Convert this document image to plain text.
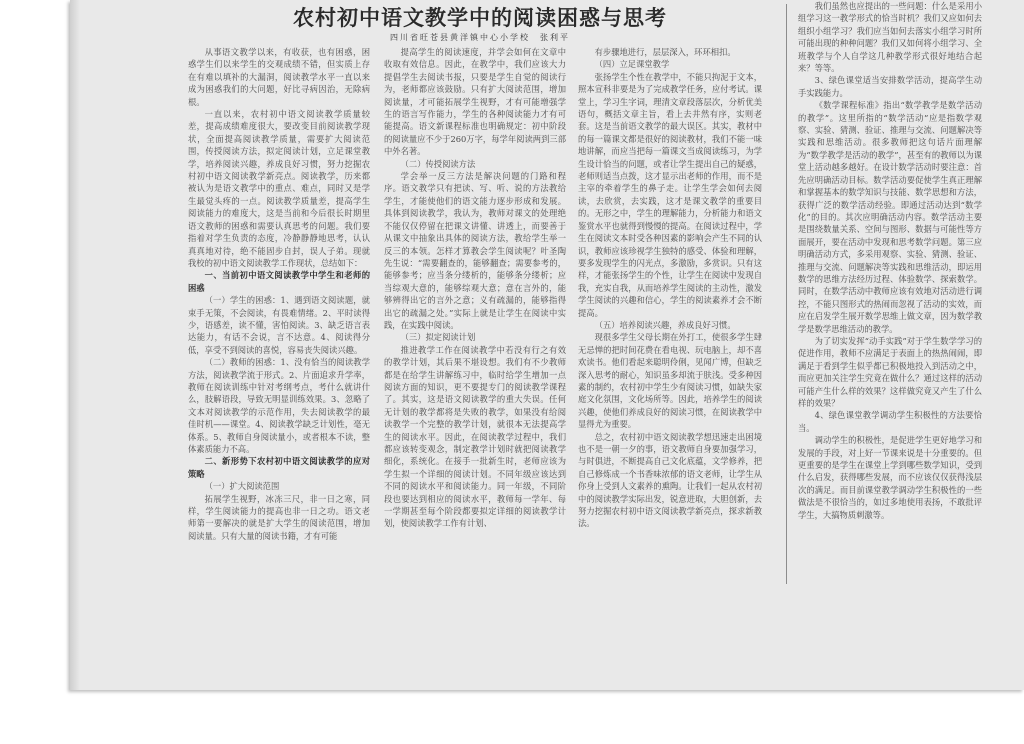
农村初中语文教学中的阅读困惑与思考
四川省旺苍县黄洋镇中心小学校　张利平

从事语文教学以来，有收获，也有困惑，困惑学生们以来学生的交观成绩不错，但实质上存在有难以填补的大漏洞，阅读教学水平一直以来成为困惑我们的大问题，好比寻病因治，无除病根。

一直以来，农村初中语文阅读教学质量较差，提高成绩难度很大，要改变目前阅读教学现状，全面提高阅读教学质量，需要扩大阅读范围，传授阅读方法，拟定阅读计划，立足课堂教学，培养阅读兴趣，养成良好习惯，努力挖掘农村初中语文阅读教学新亮点。阅读教学，历来都被认为是语文教学中的重点、难点，同时又是学生最觉头疼的一点。阅读教学质量差，提高学生阅读能力的难度大，这是当前和今后很长时期里语文教师的困惑和需要认真思考的问题。我们要指着对学生负责的态度，冷静静静地思考，认认真真地对待，绝不能固步自封，误人子弟。现就我校的初中语文阅读教学工作现状，总结如下：

一、当前初中语文阅读教学中学生和老师的困惑

（一）学生的困惑：1、遇到语文阅读题，就束手无策，不会阅读，有畏难情绪。2、平时读得少，语感差，读不懂，害怕阅读。3、缺乏语言表达能力，有话不会说，言不达意。4、阅读得分低，享受不到阅读的喜悦，容易丧失阅读兴趣。

（二）教师的困惑：1、没有恰当的阅读教学方法，阅读教学流于形式。2、片面追求升学率，教师在阅读训练中针对考纲考点，考什么就讲什么，肢解语段，导致无明显训练效果。3、忽略了文本对阅读教学的示范作用，失去阅读教学的最佳时机——课堂。4、阅读教学缺乏计划性，毫无体系。5、教师自身阅读量小，或者根本不读，整体素质能力不高。

二、新形势下农村初中语文阅读教学的应对策略

（一）扩大阅读范围

拓展学生视野，冰冻三尺，非一日之寒，同样，学生阅读能力的提高也非一日之功。语文老师第一要解决的就是扩大学生的阅读范围，增加阅读量。只有大量的阅读书籍，才有可能

提高学生的阅读速度，并学会如何在文章中收取有效信息。因此，在教学中，我们应该大力提倡学生去阅读书报，只要是学生自觉的阅读行为，老师都应该鼓励。只有扩大阅读范围，增加阅读量，才可能拓展学生视野，才有可能增强学生的语言写作能力，学生的各种阅读能力才有可能提高。语文新课程标准也明确规定：初中阶段的阅读量应不少于260万字，每学年阅读两到三部中外名著。

（二）传授阅读方法

学会举一反三方法是解决问题的门路和程序。语文教学只有把读、写、听、说的方法教给学生，才能使他们的语文能力逐步形成和发展。具体到阅读教学，我认为，教师对课文的处理绝不能仅仅停留在把课文讲懂、讲透上，而要善于从课文中抽象出具体的阅读方法，教给学生举一反三的本领。怎样才算教会学生阅读呢？叶圣陶先生说：“需要翻查的，能够翻查；需要参考的，能够参考；应当条分缕析的，能够条分缕析；应当综观大意的，能够综观大意；意在言外的，能够辨得出它的言外之意；义有疏漏的，能够指得出它的疏漏之处。”实际上就是让学生在阅读中实践，在实践中阅读。

（三）拟定阅读计划

推进教学工作在阅读教学中若没有行之有效的教学计划，其后果不堪设想。我们有不少教师都是在给学生讲解练习中，临时给学生增加一点阅读方面的知识，更不要提专门的阅读教学课程了。其实，这是语文阅读教学的重大失误。任何无计划的教学都将是失败的教学，如果没有给阅读教学一个完整的教学计划，就很本无法提高学生的阅读水平。因此，在阅读教学过程中，我们都应该转变观念，制定教学计划时就把阅读教学细化，系统化。在接手一批新生时，老师应该为学生拟一个详细的阅读计划。不同年级应该达到不同的阅读水平和阅读能力。同一年级，不同阶段也要达到相应的阅读水平，教师每一学年、每一学期甚至每个阶段都要拟定详细的阅读教学计划，使阅读教学工作有计划、

有步骤地进行，层层深入，环环相扣。

（四）立足课堂教学

张扬学生个性在教学中，不能只拘泥于文本，照本宣科非要是为了完成教学任务，应付考试。课堂上，学习生字词，理清文章段落层次，分析优美语句，概括文章主旨，看上去井然有序，实则老套。这是当前语文教学的最大误区。其实，教材中的每一篇课文都是很好的阅读教材，我们不能一味地讲解，而应当把每一篇课文当成阅读练习，为学生设计恰当的问题，或者让学生提出自己的疑惑，老师则适当点拨，这才显示出老师的作用，而不是主宰的牵着学生的鼻子走。让学生学会如何去阅读，去欣赏，去实践，这才是课文教学的重要目的。无形之中，学生的理解能力，分析能力和语文鉴赏水平也就得到慢慢的提高。在阅读过程中，学生在阅读文本时受各种因素的影响会产生不同的认识，教师应该珍视学生独特的感受、体验和理解，要多发现学生的闪光点，多激励，多赏识。只有这样，才能张扬学生的个性，让学生在阅读中发现自我，充实自我，从而培养学生阅读的主动性，激发学生阅读的兴趣和信心，学生的阅读素养才会不断提高。

（五）培养阅读兴趣，养成良好习惯。

现很多学生父母长期在外打工，使很多学生肆无忌惮的把时间花费在看电视、玩电脑上，却不喜欢读书。他们看起来聪明伶俐，见闻广博，但缺乏深入思考的耐心，知识虽多却流于肤浅。受多种因素的制约，农村初中学生少有阅读习惯，如缺失家庭文化氛围，文化场所等。因此，培养学生的阅读兴趣，使他们养成良好的阅读习惯，在阅读教学中显得尤为重要。

总之，农村初中语文阅读教学想迅速走出困境也不是一朝一夕的事，语文教师自身要加强学习，与时俱进，不断提高自己文化底蕴，文学修养，把自己修炼成一个书香味浓郁的语文老师，让学生从你身上受到人文素养的熏陶。让我们一起从农村初中的阅读教学实际出发，锐意进取，大胆创新，去努力挖掘农村初中语文阅读教学新亮点，探求新教法。

我们虽然也应提出的一些问题：什么是采用小组学习这一教学形式的恰当时机？我们又应如何去组织小组学习？我们应当如何去落实小组学习时所可能出现的种种问题？我们又如何将小组学习、全班教学与个人自学这几种教学形式很好地结合起来？等等。

3、绿色课堂适当安排数学活动，提高学生动手实践能力。

《数学课程标准》指出“数学教学是数学活动的教学”。这里所指的“数学活动”应是指数学观察、实验、猜测、验证、推理与交流、问题解决等实践和思维活动。很多教师把这句话片面理解为“数学教学是活动的教学”，甚至有的教师以为课堂上活动越多越好。在设计数学活动时要注意：首先应明确活动目标。数学活动要促使学生真正理解和掌握基本的数学知识与技能、数学思想和方法，获得广泛的数学活动经验。即通过活动达到“数学化”的目的。其次应明确活动内容。数学活动主要是围绕数量关系、空间与图形、数据与可能性等方面展开，要在活动中发现和思考数学问题。第三应明确活动方式，多采用观察、实验、猜测、验证、推理与交流、问题解决等实践和思维活动，即运用数学的思维方法经历过程、体验数学、探索数学。同时，在数学活动中教师应该有效地对活动进行调控，不能只图形式的热闹而忽视了活动的实效，而应在启发学生展开数学思维上做文章，因为数学教学是数学思维活动的教学。

为了切实发挥“动手实践”对于学生数学学习的促进作用，教师不应满足于表面上的热热闹闹，即满足于看到学生似乎都已积极地投入到活动之中，而应更加关注学生究竟在做什么？通过这样的活动可能产生什么样的效果？这样做究竟又产生了什么样的效果？

4、绿色课堂教学调动学生积极性的方法要恰当。

调动学生的积极性，是促进学生更好地学习和发展的手段，对上好一节课来说是十分重要的。但更重要的是学生在课堂上学到哪些数学知识，受到什么启发，获得哪些发展，而不应该仅仅获得浅层次的满足。而目前课堂教学调动学生积极性的一些做法是不很恰当的，如过多地使用表扬，不敢批评学生，大搞物质刺激等。
